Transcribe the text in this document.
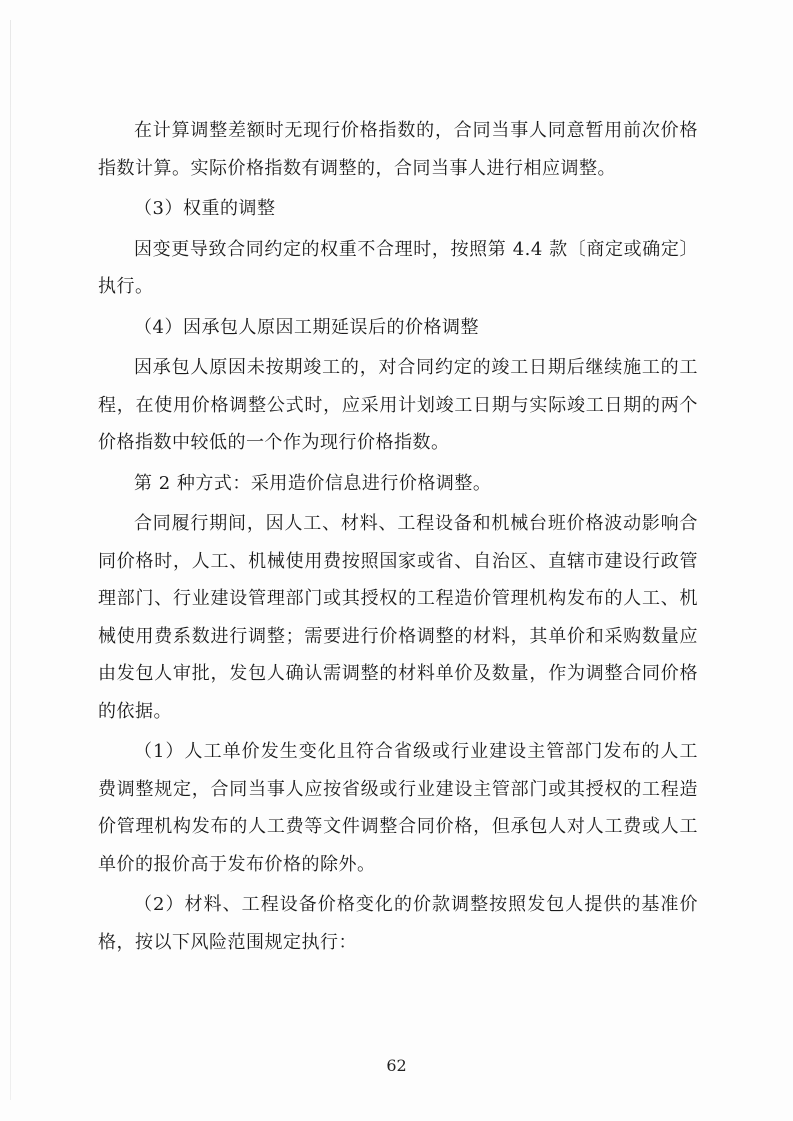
在计算调整差额时无现行价格指数的，合同当事人同意暂用前次价格指数计算。实际价格指数有调整的，合同当事人进行相应调整。

（3）权重的调整

因变更导致合同约定的权重不合理时，按照第 4.4 款〔商定或确定〕执行。

（4）因承包人原因工期延误后的价格调整

因承包人原因未按期竣工的，对合同约定的竣工日期后继续施工的工程，在使用价格调整公式时，应采用计划竣工日期与实际竣工日期的两个价格指数中较低的一个作为现行价格指数。

第 2 种方式：采用造价信息进行价格调整。

合同履行期间，因人工、材料、工程设备和机械台班价格波动影响合同价格时，人工、机械使用费按照国家或省、自治区、直辖市建设行政管理部门、行业建设管理部门或其授权的工程造价管理机构发布的人工、机械使用费系数进行调整；需要进行价格调整的材料，其单价和采购数量应由发包人审批，发包人确认需调整的材料单价及数量，作为调整合同价格的依据。

（1）人工单价发生变化且符合省级或行业建设主管部门发布的人工费调整规定，合同当事人应按省级或行业建设主管部门或其授权的工程造价管理机构发布的人工费等文件调整合同价格，但承包人对人工费或人工单价的报价高于发布价格的除外。

（2）材料、工程设备价格变化的价款调整按照发包人提供的基准价格，按以下风险范围规定执行：

62
